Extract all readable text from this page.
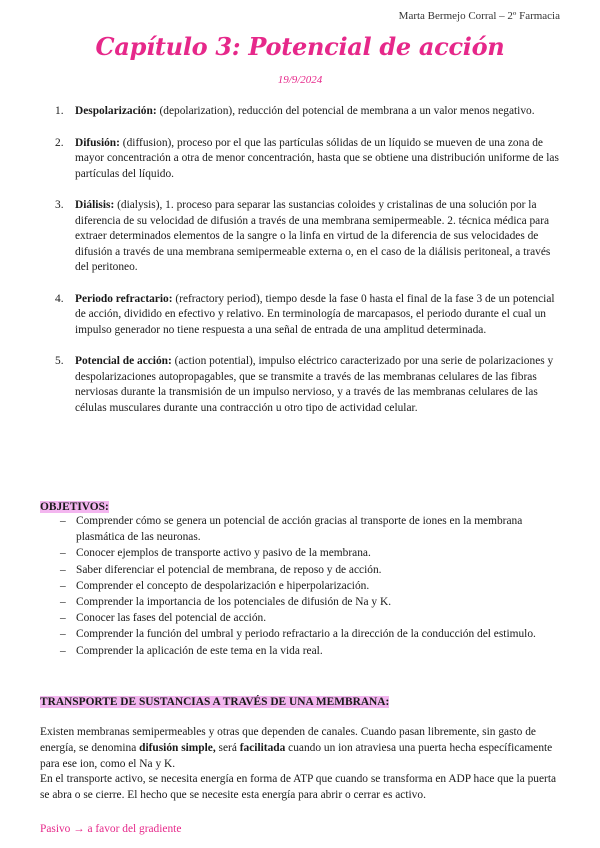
Marta Bermejo Corral – 2º Farmacia
Capítulo 3: Potencial de acción
19/9/2024
1. Despolarización: (depolarization), reducción del potencial de membrana a un valor menos negativo.
2. Difusión: (diffusion), proceso por el que las partículas sólidas de un líquido se mueven de una zona de mayor concentración a otra de menor concentración, hasta que se obtiene una distribución uniforme de las partículas del líquido.
3. Diálisis: (dialysis), 1. proceso para separar las sustancias coloides y cristalinas de una solución por la diferencia de su velocidad de difusión a través de una membrana semipermeable. 2. técnica médica para extraer determinados elementos de la sangre o la linfa en virtud de la diferencia de sus velocidades de difusión a través de una membrana semipermeable externa o, en el caso de la diálisis peritoneal, a través del peritoneo.
4. Periodo refractario: (refractory period), tiempo desde la fase 0 hasta el final de la fase 3 de un potencial de acción, dividido en efectivo y relativo. En terminología de marcapasos, el periodo durante el cual un impulso generador no tiene respuesta a una señal de entrada de una amplitud determinada.
5. Potencial de acción: (action potential), impulso eléctrico caracterizado por una serie de polarizaciones y despolarizaciones autopropagables, que se transmite a través de las membranas celulares de las fibras nerviosas durante la transmisión de un impulso nervioso, y a través de las membranas celulares de las células musculares durante una contracción u otro tipo de actividad celular.
OBJETIVOS:
– Comprender cómo se genera un potencial de acción gracias al transporte de iones en la membrana plasmática de las neuronas.
– Conocer ejemplos de transporte activo y pasivo de la membrana.
– Saber diferenciar el potencial de membrana, de reposo y de acción.
– Comprender el concepto de despolarización e hiperpolarización.
– Comprender la importancia de los potenciales de difusión de Na y K.
– Conocer las fases del potencial de acción.
– Comprender la función del umbral y periodo refractario a la dirección de la conducción del estimulo.
– Comprender la aplicación de este tema en la vida real.
TRANSPORTE DE SUSTANCIAS A TRAVÉS DE UNA MEMBRANA:

Existen membranas semipermeables y otras que dependen de canales. Cuando pasan libremente, sin gasto de energía, se denomina difusión simple, será facilitada cuando un ion atraviesa una puerta hecha específicamente para ese ion, como el Na y K.
En el transporte activo, se necesita energía en forma de ATP que cuando se transforma en ADP hace que la puerta se abra o se cierre. El hecho que se necesite esta energía para abrir o cerrar es activo.

Pasivo → a favor del gradiente
